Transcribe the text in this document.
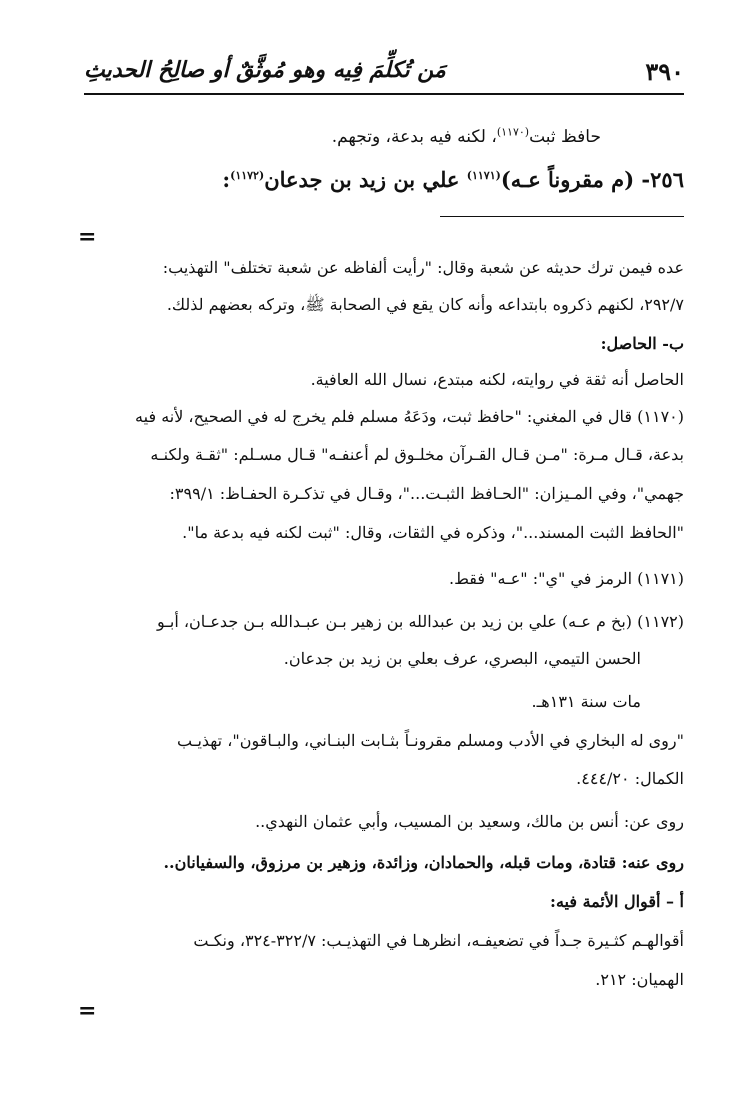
٣٩٠
مَن تُكلِّمَ فِيه وهو مُوثَّقٌ أو صالِحُ الحديثِ
حافظ ثبت$^{(١١٧٠)}$، لكنه فيه بدعة، وتجهم.
٢٥٦- (م مقروناً عـه)$^{(١١٧١)}$ علي بن زيد بن جدعان$^{(١١٧٢)}$:
=
عده فيمن ترك حديثه عن شعبة وقال: "رأيت ألفاظه عن شعبة تختلف" التهذيب:
٢٩٢/٧، لكنهم ذكروه بابتداعه وأنه كان يقع في الصحابة ﷺ، وتركه بعضهم لذلك.
ب- الحاصل:
الحاصل أنه ثقة في روايته، لكنه مبتدع، نسال الله العافية.
(١١٧٠) قال في المغني: "حافظ ثبت، ودَعَهُ مسلم فلم يخرج له في الصحيح، لأنه فيه
بدعة، قـال مـرة: "مـن قـال القـرآن مخلـوق لم أعنفـه" قـال مسـلم: "ثقـة ولكنـه
جهمي"، وفي المـيزان: "الحـافظ الثبـت..."، وقـال في تذكـرة الحفـاظ: ٣٩٩/١:
"الحافظ الثبت المسند..."، وذكره في الثقات، وقال: "ثبت لكنه فيه بدعة ما".
(١١٧١) الرمز في "ي": "عـه" فقط.
(١١٧٢) (بخ م عـه) علي بن زيد بن عبدالله بن زهير بـن عبـدالله بـن جدعـان، أبـو
الحسن التيمي، البصري، عرف بعلي بن زيد بن جدعان.
مات سنة ١٣١هـ.
"روى له البخاري في الأدب ومسلم مقرونـاً بثـابت البنـاني، والبـاقون"، تهذيـب
الكمال: ٤٤٤/٢٠.
روى عن: أنس بن مالك، وسعيد بن المسيب، وأبي عثمان النهدي..
روى عنه: قتادة، ومات قبله، والحمادان، وزائدة، وزهير بن مرزوق، والسفيانان..
أ – أقوال الأئمة فيه:
أقوالهـم كثـيرة جـداً في تضعيفـه، انظرهـا في التهذيـب: ٣٢٢/٧-٣٢٤، ونكـت
الهميان: ٢١٢.
=
